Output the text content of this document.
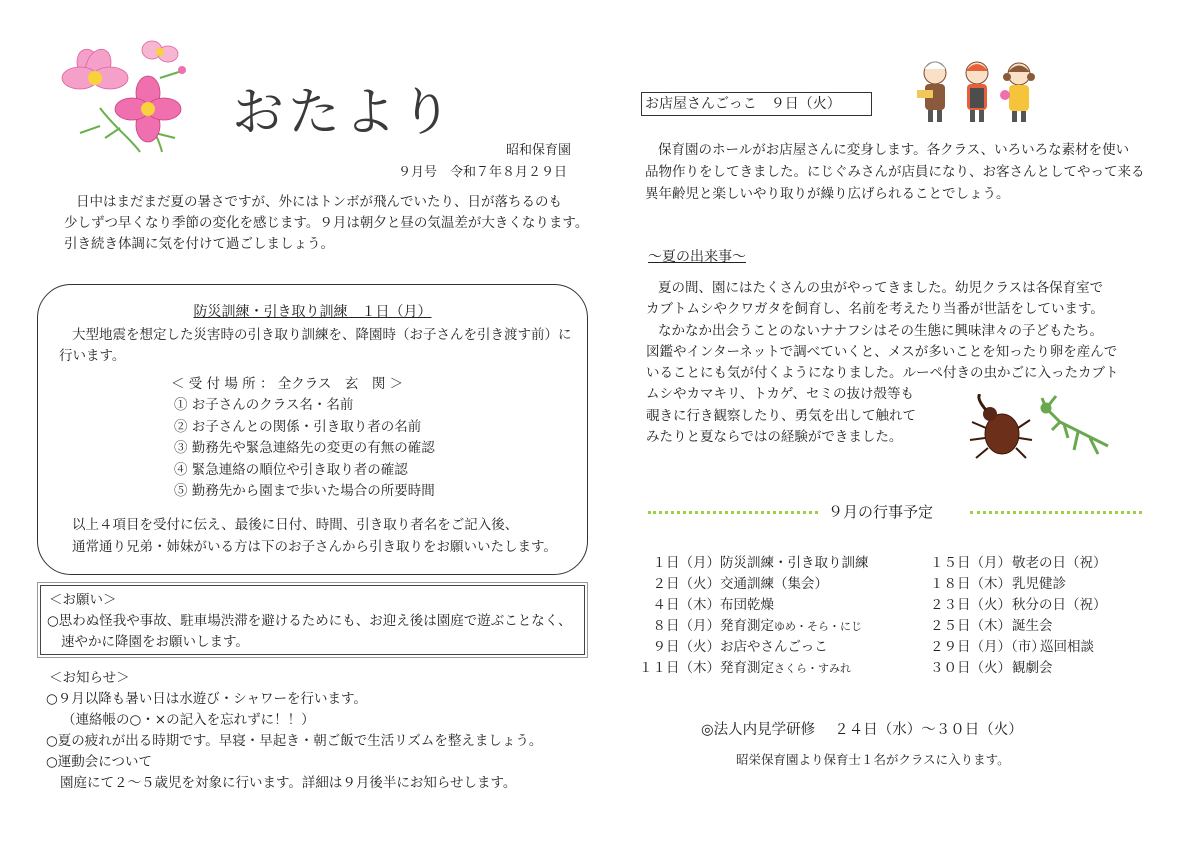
おたより
昭和保育園
９月号　令和７年８月２９日
日中はまだまだ夏の暑さですが、外にはトンボが飛んでいたり、日が落ちるのも
少しずつ早くなり季節の変化を感じます。９月は朝夕と昼の気温差が大きくなります。
引き続き体調に気を付けて過ごしましょう。
防災訓練・引き取り訓練　１日（月）
大型地震を想定した災害時の引き取り訓練を、降園時（お子さんを引き渡す前）に
行います。
＜ 受 付 場 所 ： 全クラス　玄　関 ＞
① お子さんのクラス名・名前
② お子さんとの関係・引き取り者の名前
③ 勤務先や緊急連絡先の変更の有無の確認
④ 緊急連絡の順位や引き取り者の確認
⑤ 勤務先から園まで歩いた場合の所要時間
以上４項目を受付に伝え、最後に日付、時間、引き取り者名をご記入後、
通常通り兄弟・姉妹がいる方は下のお子さんから引き取りをお願いいたします。
＜お願い＞
○思わぬ怪我や事故、駐車場渋滞を避けるためにも、お迎え後は園庭で遊ぶことなく、
速やかに降園をお願いします。
＜お知らせ＞
○９月以降も暑い日は水遊び・シャワーを行います。
（連絡帳の○・×の記入を忘れずに！！）
○夏の疲れが出る時期です。早寝・早起き・朝ご飯で生活リズムを整えましょう。
○運動会について
園庭にて２～５歳児を対象に行います。詳細は９月後半にお知らせします。
お店屋さんごっこ　９日（火）
保育園のホールがお店屋さんに変身します。各クラス、いろいろな素材を使い
品物作りをしてきました。にじぐみさんが店員になり、お客さんとしてやって来る
異年齢児と楽しいやり取りが繰り広げられることでしょう。
～夏の出来事～
夏の間、園にはたくさんの虫がやってきました。幼児クラスは各保育室で
カブトムシやクワガタを飼育し、名前を考えたり当番が世話をしています。
なかなか出会うことのないナナフシはその生態に興味津々の子どもたち。
図鑑やインターネットで調べていくと、メスが多いことを知ったり卵を産んで
いることにも気が付くようになりました。ルーペ付きの虫かごに入ったカブト
ムシやカマキリ、トカゲ、セミの抜け殻等も
覗きに行き観察したり、勇気を出して触れて
みたりと夏ならではの経験ができました。
９月の行事予定
１日（月）防災訓練・引き取り訓練
２日（火）交通訓練（集会）
４日（木）布団乾燥
８日（月）発育測定ゆめ・そら・にじ
９日（火）お店やさんごっこ
１１日（木）発育測定さくら・すみれ
１５日（月）敬老の日（祝）
１８日（木）乳児健診
２３日（火）秋分の日（祝）
２５日（木）誕生会
２９日（月）（市）巡回相談
３０日（火）観劇会
◎法人内見学研修　 ２４日（水）～３０日（火）
昭栄保育園より保育士１名がクラスに入ります。
